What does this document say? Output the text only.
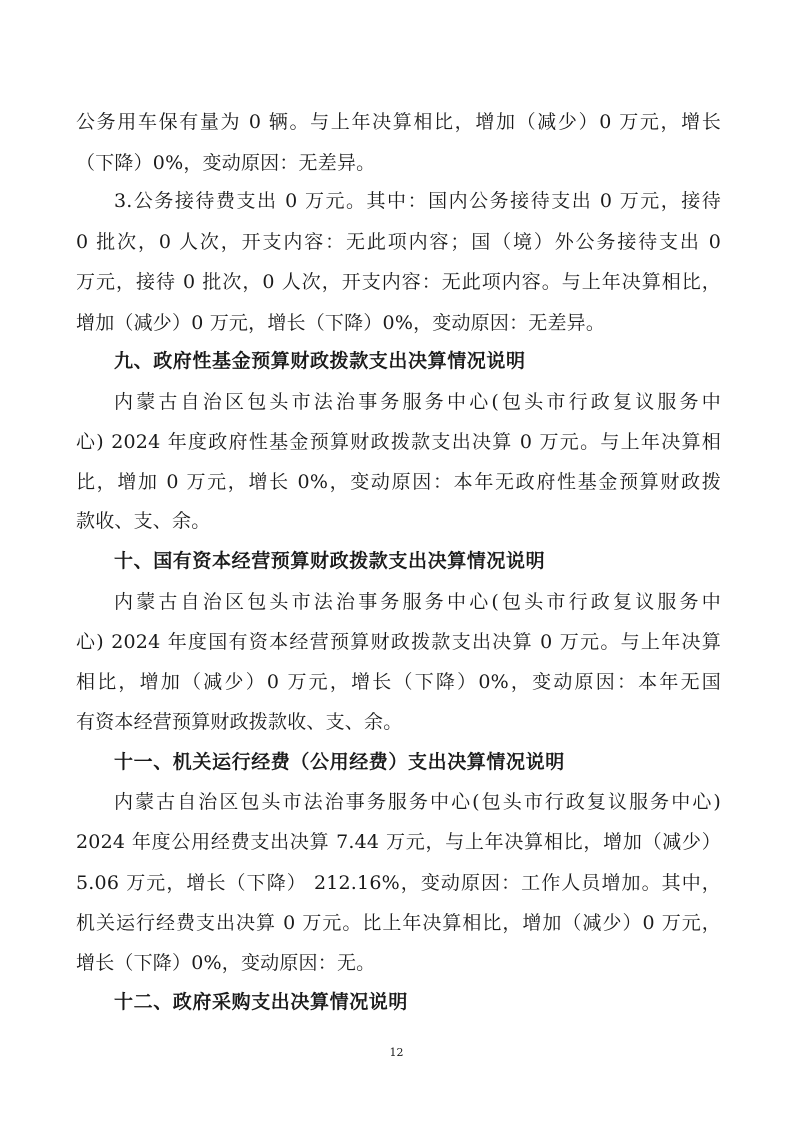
公务用车保有量为 0 辆。与上年决算相比，增加（减少）0 万元，增长
（下降）0%，变动原因：无差异。
3.公务接待费支出 0 万元。其中：国内公务接待支出 0 万元，接待
0 批次，0 人次，开支内容：无此项内容；国（境）外公务接待支出 0
万元，接待 0 批次，0 人次，开支内容：无此项内容。与上年决算相比，
增加（减少）0 万元，增长（下降）0%，变动原因：无差异。
九、政府性基金预算财政拨款支出决算情况说明
内蒙古自治区包头市法治事务服务中心(包头市行政复议服务中
心) 2024 年度政府性基金预算财政拨款支出决算 0 万元。与上年决算相
比，增加 0 万元，增长 0%，变动原因：本年无政府性基金预算财政拨
款收、支、余。
十、国有资本经营预算财政拨款支出决算情况说明
内蒙古自治区包头市法治事务服务中心(包头市行政复议服务中
心) 2024 年度国有资本经营预算财政拨款支出决算 0 万元。与上年决算
相比，增加（减少）0 万元，增长（下降）0%，变动原因：本年无国
有资本经营预算财政拨款收、支、余。
十一、机关运行经费（公用经费）支出决算情况说明
内蒙古自治区包头市法治事务服务中心(包头市行政复议服务中心)
2024 年度公用经费支出决算 7.44 万元，与上年决算相比，增加（减少）
5.06 万元，增长（下降） 212.16%，变动原因：工作人员增加。其中，
机关运行经费支出决算 0 万元。比上年决算相比，增加（减少）0 万元，
增长（下降）0%，变动原因：无。
十二、政府采购支出决算情况说明
12
